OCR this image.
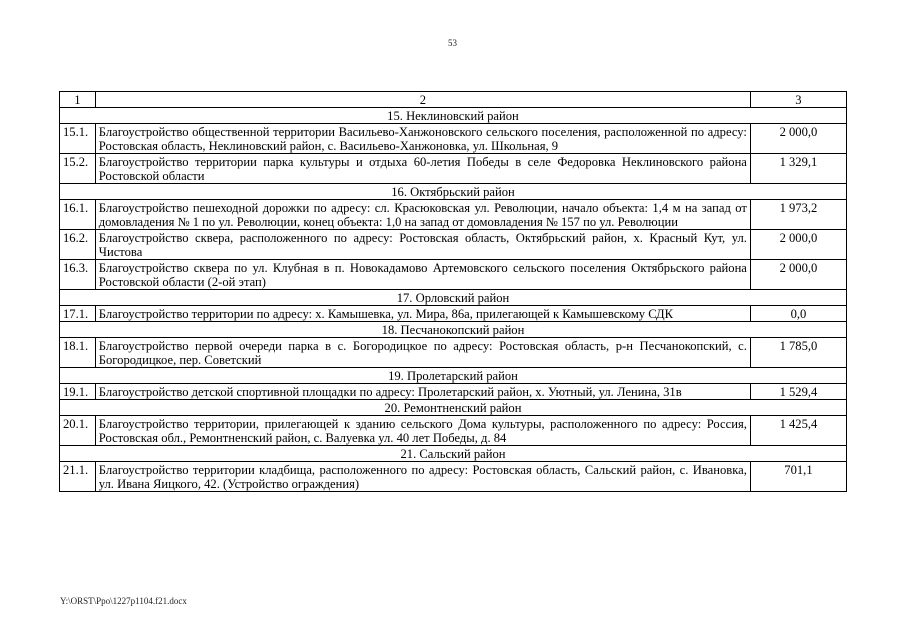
53
1	2	3
15. Неклиновский район		
15.1.	Благоустройство общественной территории Васильево-Ханжоновского сельского поселения, расположенной по адресу: Ростовская область, Неклиновский район, с. Васильево-Ханжоновка, ул. Школьная, 9	2 000,0
15.2.	Благоустройство территории парка культуры и отдыха 60-летия Победы в селе Федоровка Неклиновского района Ростовской области	1 329,1
16. Октябрьский район		
16.1.	Благоустройство пешеходной дорожки по адресу: сл. Красюковская ул. Революции, начало объекта: 1,4 м на запад от домовладения № 1 по ул. Революции, конец объекта: 1,0 на запад от домовладения № 157 по ул. Революции	1 973,2
16.2.	Благоустройство сквера, расположенного по адресу: Ростовская область, Октябрьский район, х. Красный Кут, ул. Чистова	2 000,0
16.3.	Благоустройство сквера по ул. Клубная в п. Новокадамово Артемовского сельского поселения Октябрьского района Ростовской области (2-ой этап)	2 000,0
17. Орловский район		
17.1.	Благоустройство территории по адресу: х. Камышевка, ул. Мира, 86а, прилегающей к Камышевскому СДК	0,0
18. Песчанокопский район		
18.1.	Благоустройство первой очереди парка в с. Богородицкое по адресу: Ростовская область, р-н Песчанокопский, с. Богородицкое, пер. Советский	1 785,0
19. Пролетарский район		
19.1.	Благоустройство детской спортивной площадки по адресу: Пролетарский район, х. Уютный, ул. Ленина, 31в	1 529,4
20. Ремонтненский район		
20.1.	Благоустройство территории, прилегающей к зданию сельского Дома культуры, расположенного по адресу: Россия, Ростовская обл., Ремонтненский район, с. Валуевка ул. 40 лет Победы, д. 84	1 425,4
21. Сальский район		
21.1.	Благоустройство территории кладбища, расположенного по адресу: Ростовская область, Сальский район, с. Ивановка, ул. Ивана Яицкого, 42. (Устройство ограждения)	701,1
Y:\ORST\Ppo\1227p1104.f21.docx
